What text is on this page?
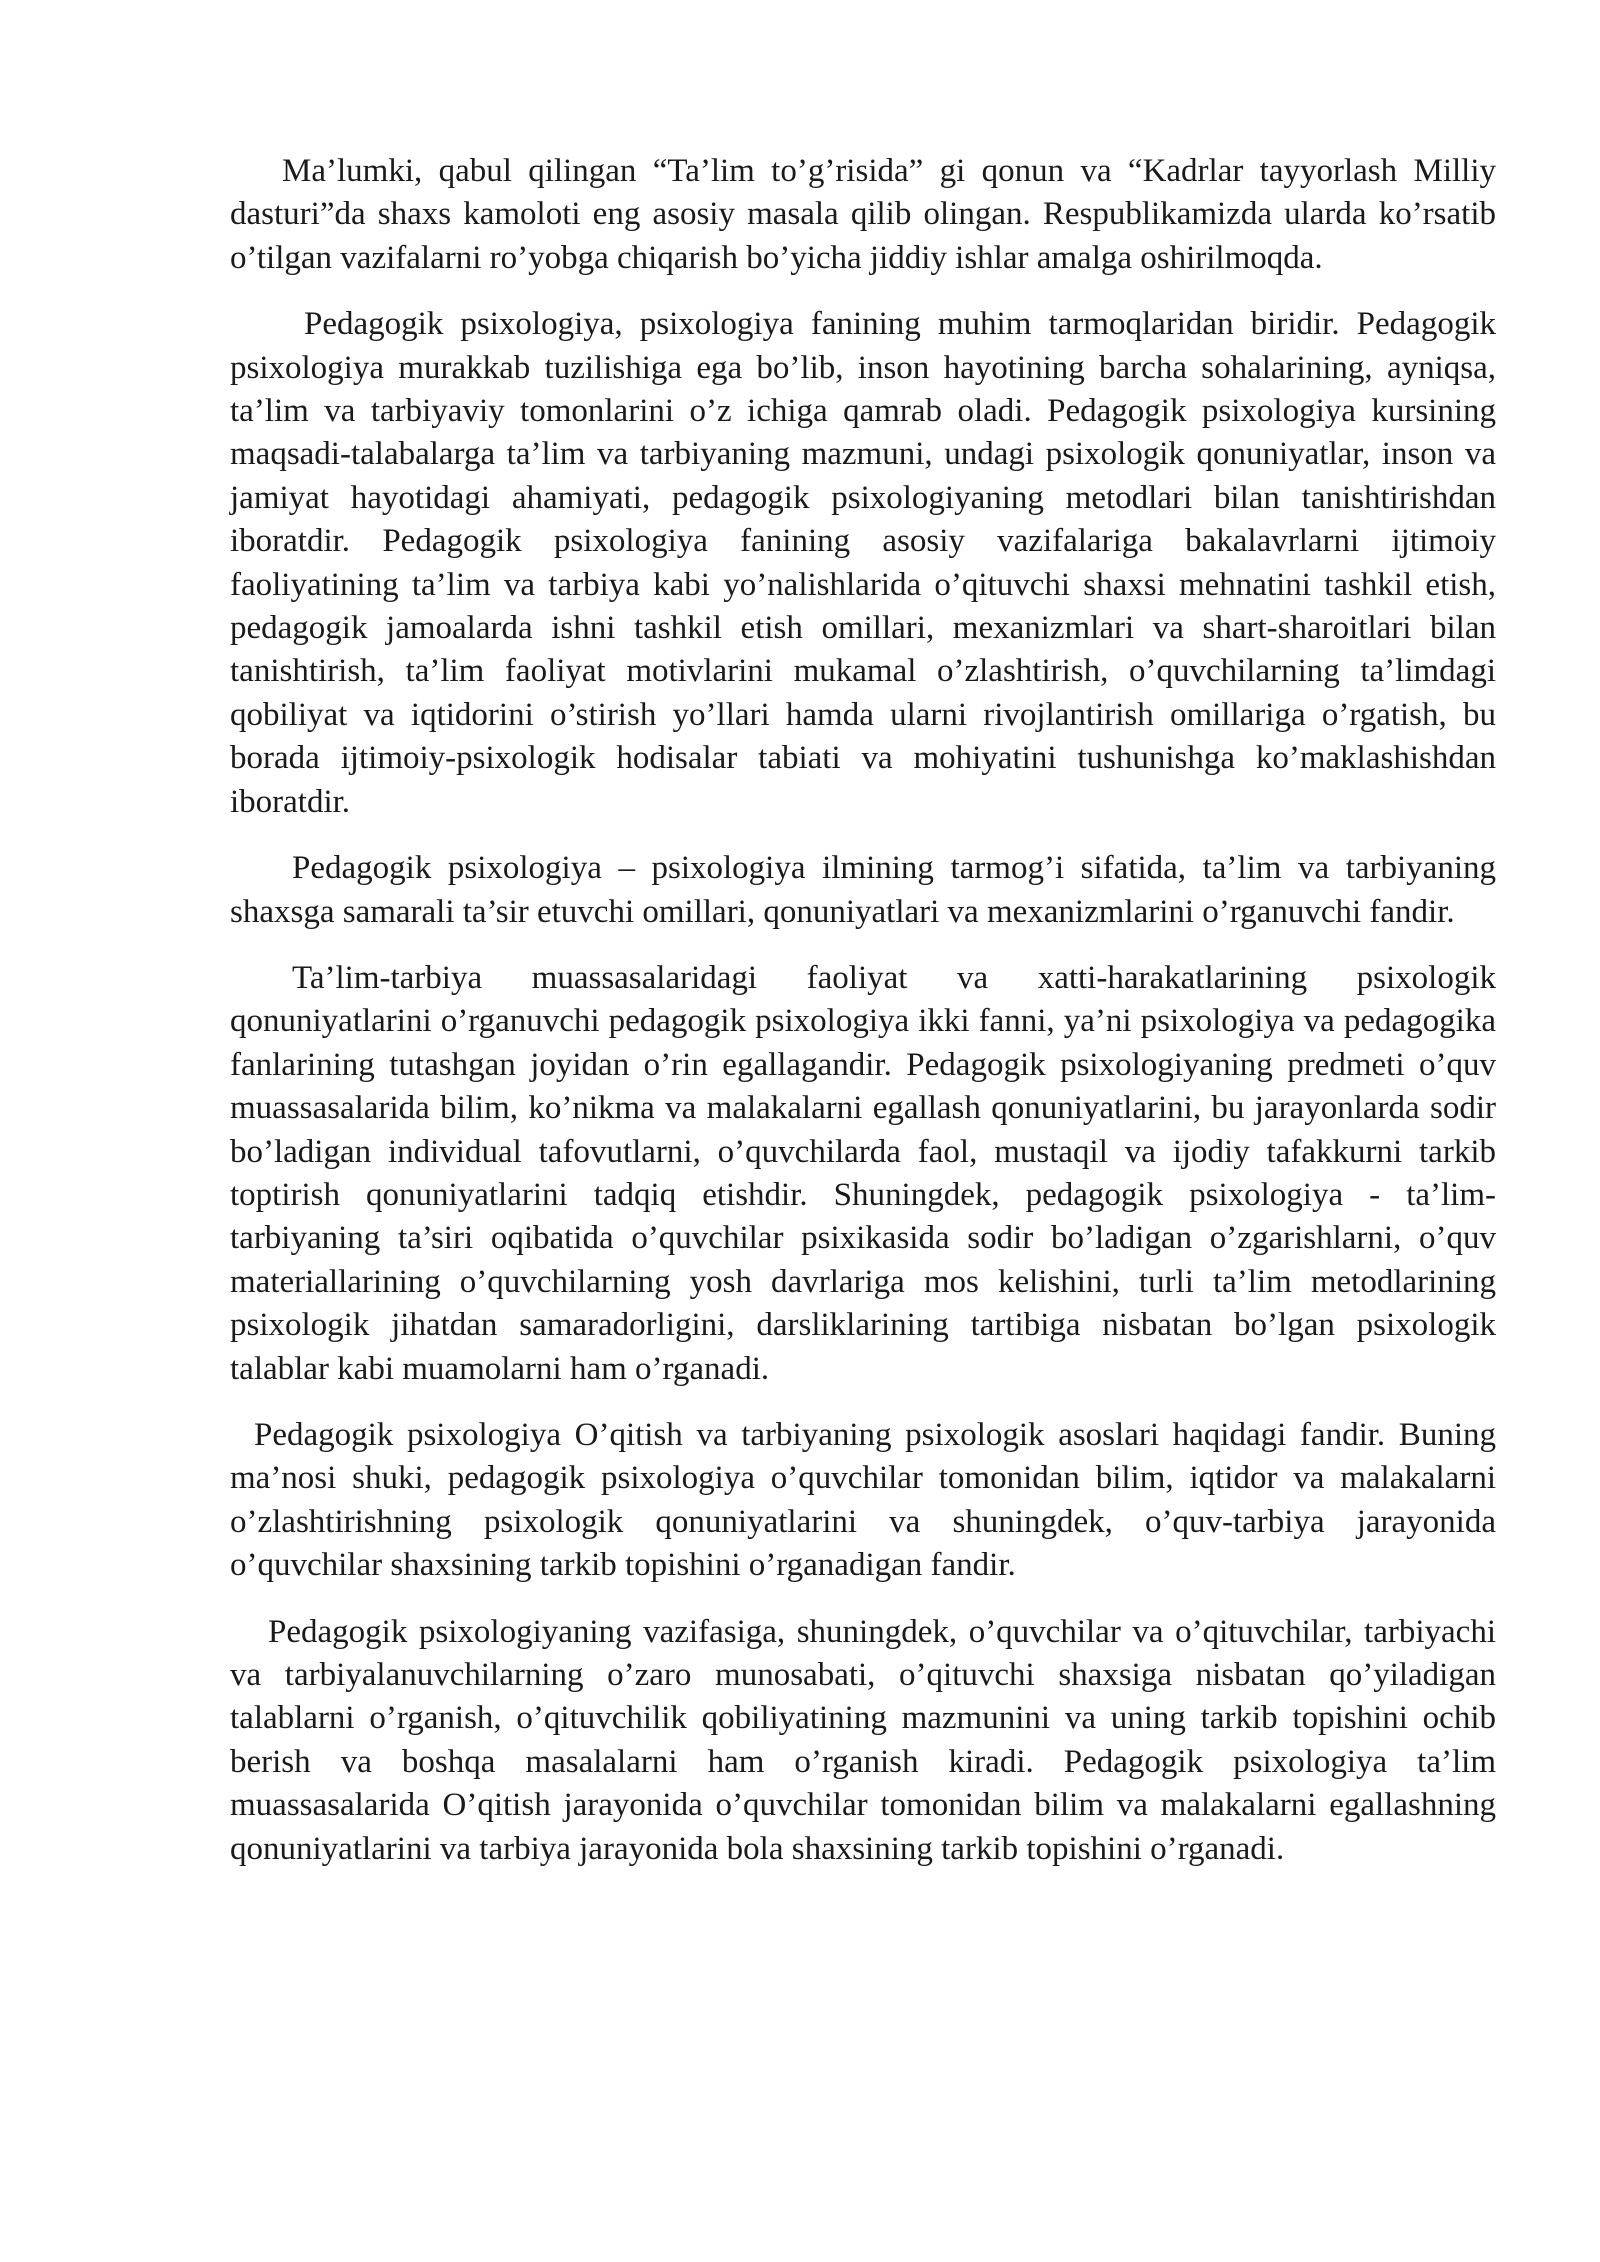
Ma’lumki, qabul qilingan “Ta’lim to’g’risida” gi qonun va “Kadrlar tayyorlash Milliy dasturi”da shaxs kamoloti eng asosiy masala qilib olingan. Respublikamizda ularda ko’rsatib o’tilgan vazifalarni ro’yobga chiqarish bo’yicha jiddiy ishlar amalga oshirilmoqda.

Pedagogik psixologiya, psixologiya fanining muhim tarmoqlaridan biridir. Pedagogik psixologiya murakkab tuzilishiga ega bo’lib, inson hayotining barcha sohalarining, ayniqsa, ta’lim va tarbiyaviy tomonlarini o’z ichiga qamrab oladi. Pedagogik psixologiya kursining maqsadi-talabalarga ta’lim va tarbiyaning mazmuni, undagi psixologik qonuniyatlar, inson va jamiyat hayotidagi ahamiyati, pedagogik psixologiyaning metodlari bilan tanishtirishdan iboratdir. Pedagogik psixologiya fanining asosiy vazifalariga bakalavrlarni ijtimoiy faoliyatining ta’lim va tarbiya kabi yo’nalishlarida o’qituvchi shaxsi mehnatini tashkil etish, pedagogik jamoalarda ishni tashkil etish omillari, mexanizmlari va shart-sharoitlari bilan tanishtirish, ta’lim faoliyat motivlarini mukamal o’zlashtirish, o’quvchilarning ta’limdagi qobiliyat va iqtidorini o’stirish yo’llari hamda ularni rivojlantirish omillariga o’rgatish, bu borada ijtimoiy-psixologik hodisalar tabiati va mohiyatini tushunishga ko’maklashishdan iboratdir.

Pedagogik psixologiya – psixologiya ilmining tarmog’i sifatida, ta’lim va tarbiyaning shaxsga samarali ta’sir etuvchi omillari, qonuniyatlari va mexanizmlarini o’rganuvchi fandir.

Ta’lim-tarbiya muassasalaridagi faoliyat va xatti-harakatlarining psixologik qonuniyatlarini o’rganuvchi pedagogik psixologiya ikki fanni, ya’ni psixologiya va pedagogika fanlarining tutashgan joyidan o’rin egallagandir. Pedagogik psixologiyaning predmeti o’quv muassasalarida bilim, ko’nikma va malakalarni egallash qonuniyatlarini, bu jarayonlarda sodir bo’ladigan individual tafovutlarni, o’quvchilarda faol, mustaqil va ijodiy tafakkurni tarkib toptirish qonuniyatlarini tadqiq etishdir. Shuningdek, pedagogik psixologiya - ta’lim-tarbiyaning ta’siri oqibatida o’quvchilar psixikasida sodir bo’ladigan o’zgarishlarni, o’quv materiallarining o’quvchilarning yosh davrlariga mos kelishini, turli ta’lim metodlarining psixologik jihatdan samaradorligini, darsliklarining tartibiga nisbatan bo’lgan psixologik talablar kabi muamolarni ham o’rganadi.

Pedagogik psixologiya O’qitish va tarbiyaning psixologik asoslari haqidagi fandir. Buning ma’nosi shuki, pedagogik psixologiya o’quvchilar tomonidan bilim, iqtidor va malakalarni o’zlashtirishning psixologik qonuniyatlarini va shuningdek, o’quv-tarbiya jarayonida o’quvchilar shaxsining tarkib topishini o’rganadigan fandir.

Pedagogik psixologiyaning vazifasiga, shuningdek, o’quvchilar va o’qituvchilar, tarbiyachi va tarbiyalanuvchilarning o’zaro munosabati, o’qituvchi shaxsiga nisbatan qo’yiladigan talablarni o’rganish, o’qituvchilik qobiliyatining mazmunini va uning tarkib topishini ochib berish va boshqa masalalarni ham o’rganish kiradi. Pedagogik psixologiya ta’lim muassasalarida O’qitish jarayonida o’quvchilar tomonidan bilim va malakalarni egallashning qonuniyatlarini va tarbiya jarayonida bola shaxsining tarkib topishini o’rganadi.
